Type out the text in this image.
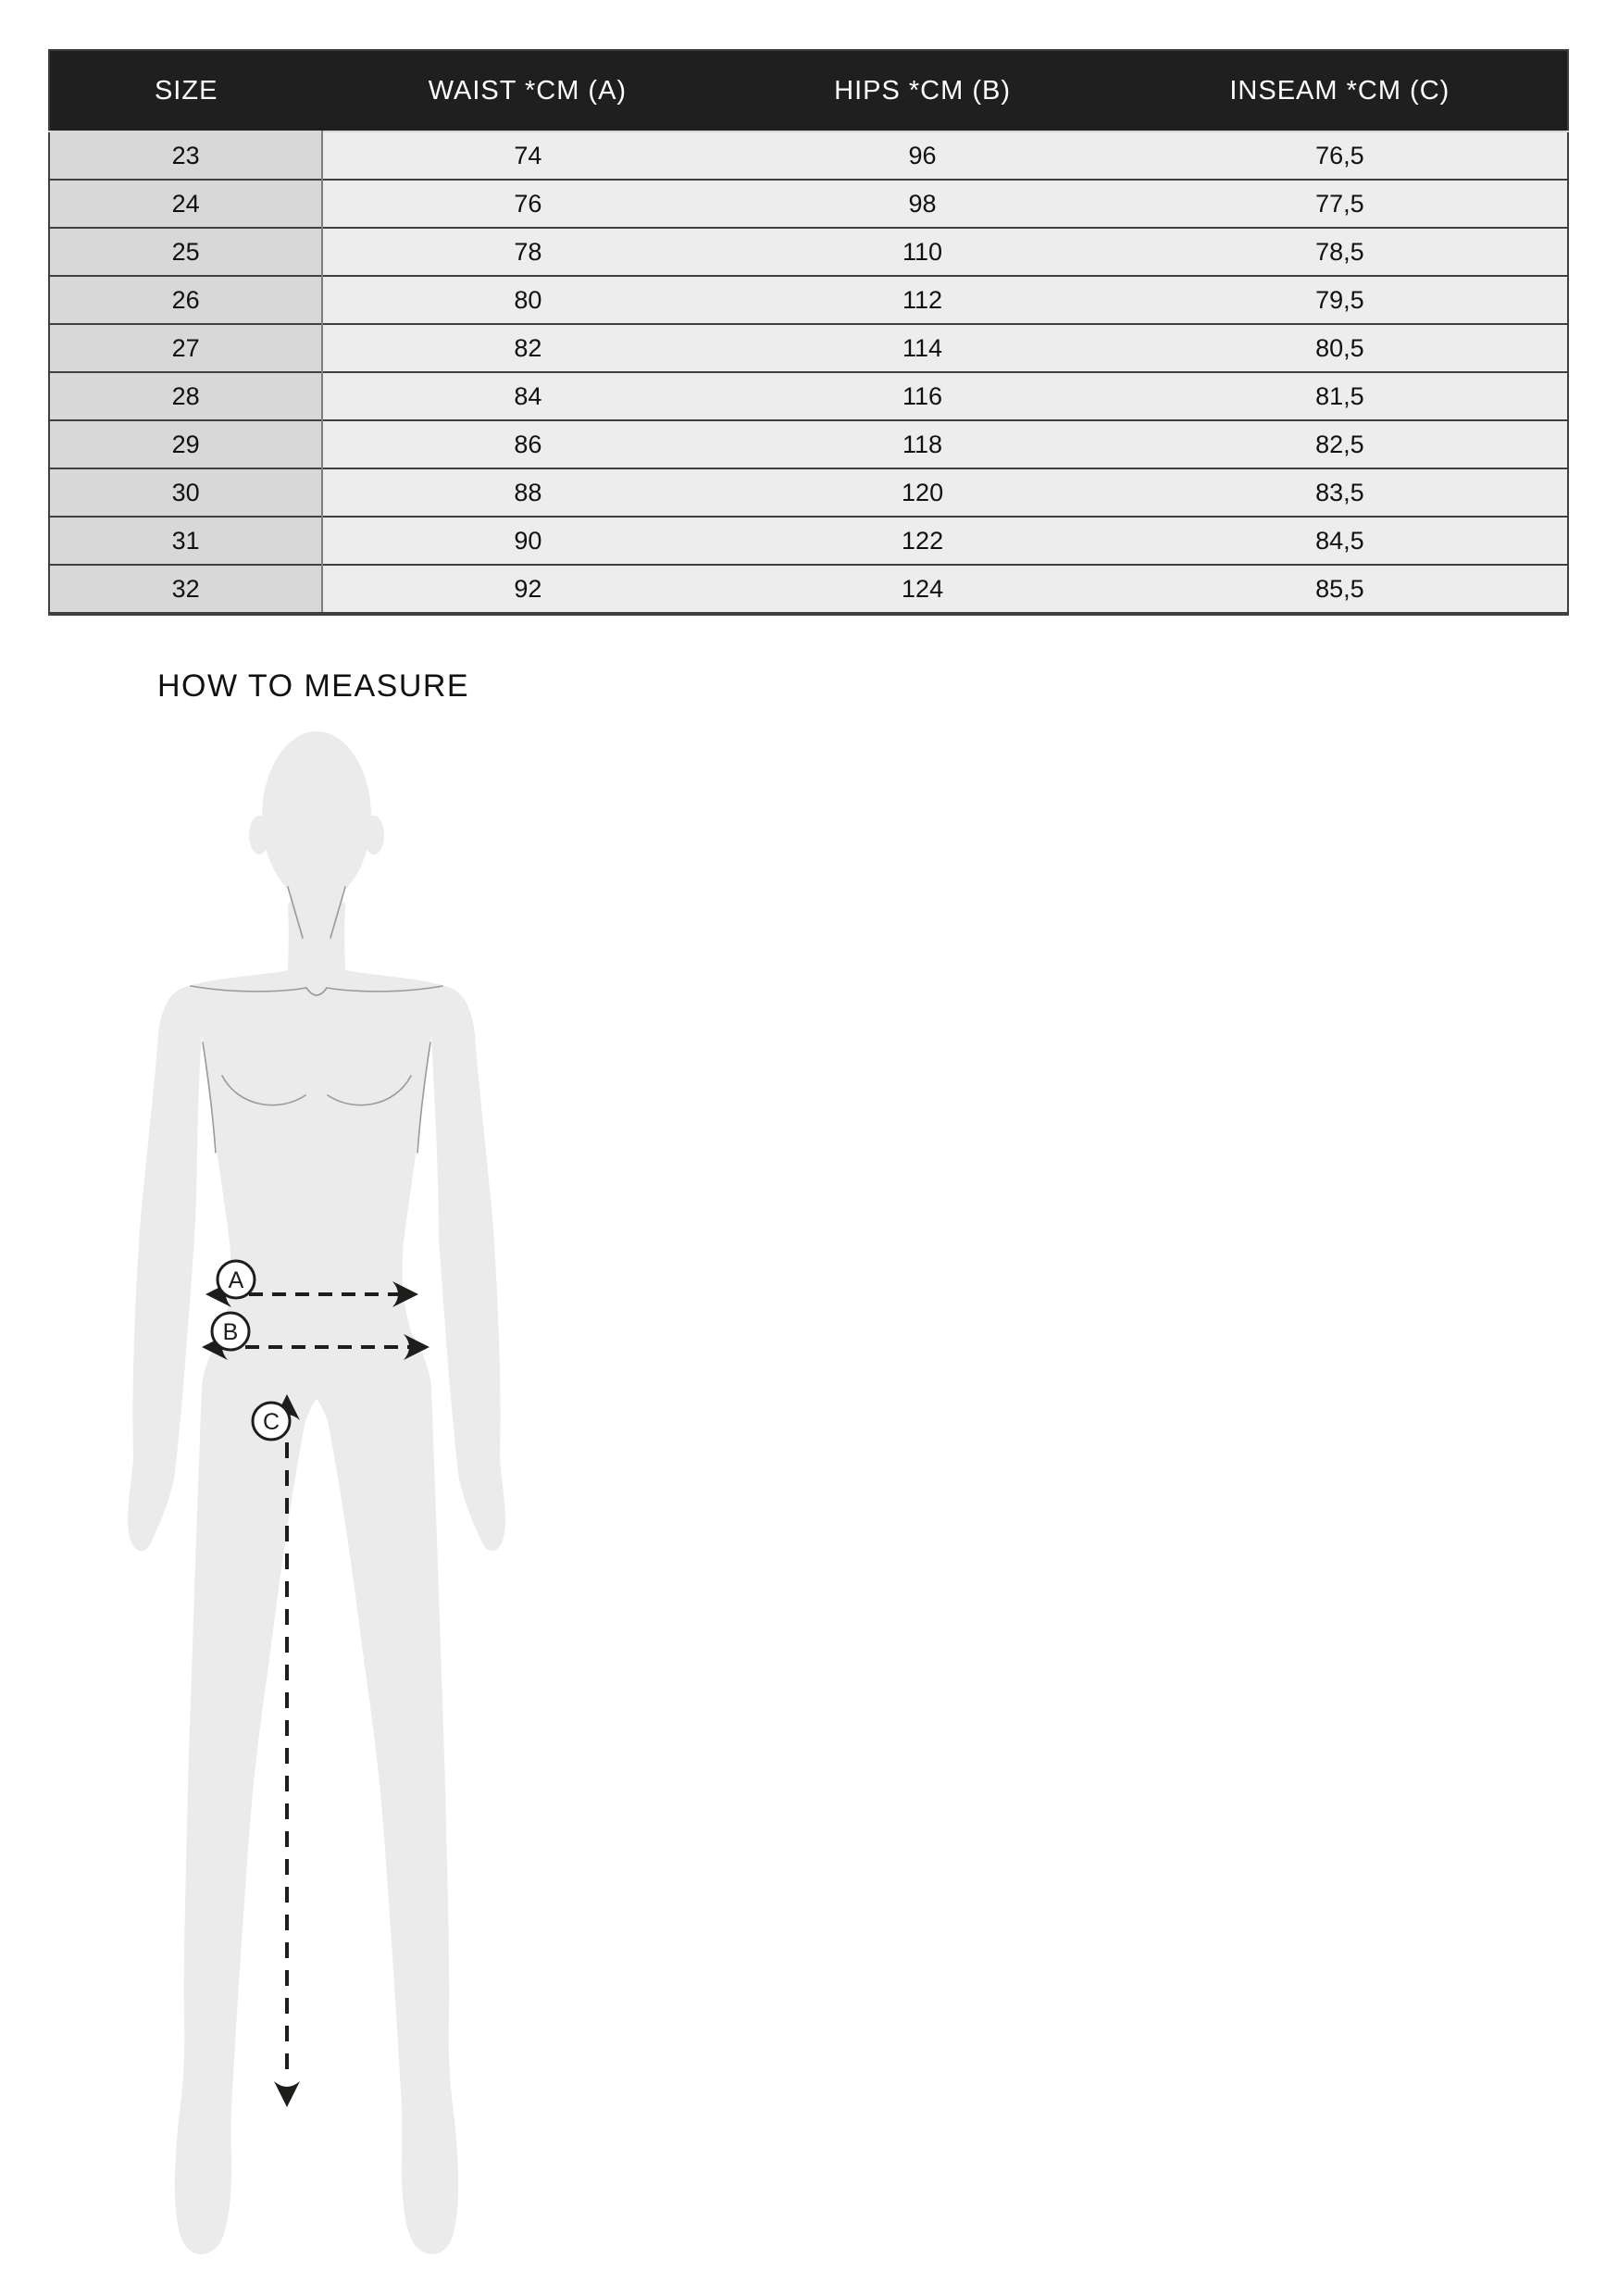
SIZE	WAIST *CM (A)	HIPS *CM (B)	INSEAM *CM (C)
23	74	96	76,5
24	76	98	77,5
25	78	110	78,5
26	80	112	79,5
27	82	114	80,5
28	84	116	81,5
29	86	118	82,5
30	88	120	83,5
31	90	122	84,5
32	92	124	85,5
HOW TO MEASURE
A
B
C
